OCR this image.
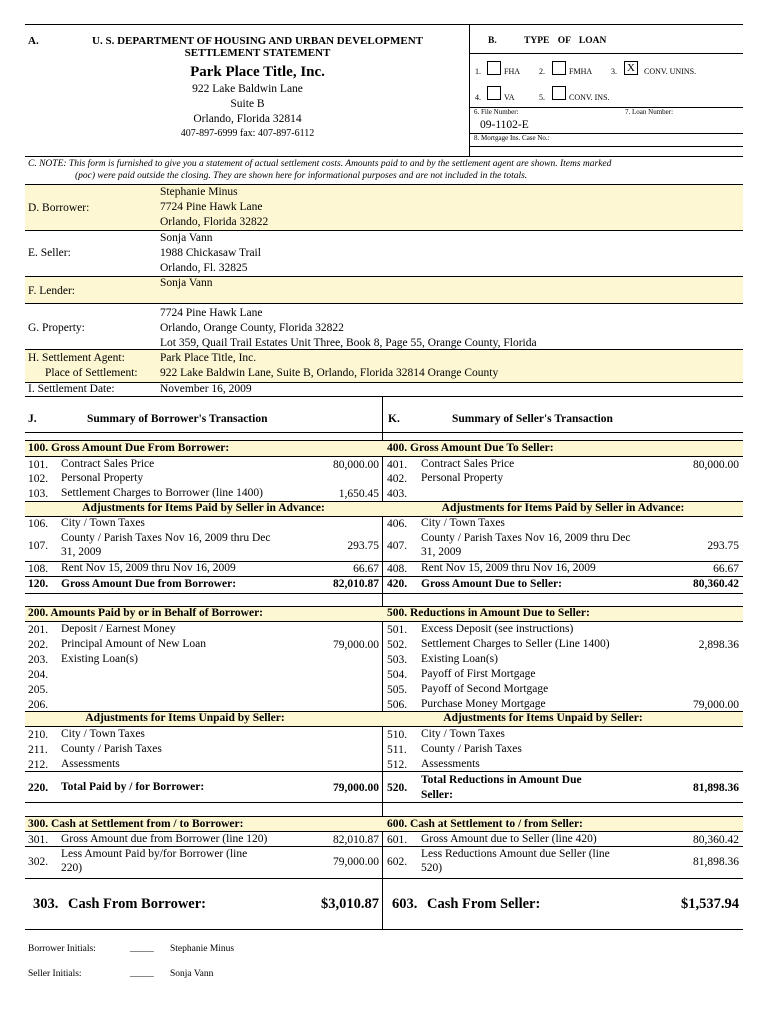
A.	U. S. DEPARTMENT OF HOUSING AND URBAN DEVELOPMENT
SETTLEMENT STATEMENT
Park Place Title, Inc.
922 Lake Baldwin Lane
Suite B
Orlando, Florida 32814
407-897-6999 fax: 407-897-6112
B.	TYPE OF LOAN
1.	FHA 2.	FMHA 3. X CONV. UNINS.
4.	VA	5.	CONV. INS.
6. File Number:	7. Loan Number:
09-1102-E
8. Mortgage Ins. Case No.:
C. NOTE: This form is furnished to give you a statement of actual settlement costs. Amounts paid to and by the settlement agent are shown. Items marked
(poc) were paid outside the closing. They are shown here for informational purposes and are not included in the totals.
D. Borrower:
Stephanie Minus
7724 Pine Hawk Lane
Orlando, Florida 32822
E. Seller:
Sonja Vann
1988 Chickasaw Trail
Orlando, Fl. 32825
F. Lender:
Sonja Vann
G. Property:
7724 Pine Hawk Lane
Orlando, Orange County, Florida 32822
Lot 359, Quail Trail Estates Unit Three, Book 8, Page 55, Orange County, Florida
H. Settlement Agent:	Park Place Title, Inc.
Place of Settlement: 922 Lake Baldwin Lane, Suite B, Orlando, Florida 32814 Orange County
I. Settlement Date:	November 16, 2009
J.	Summary of Borrower's Transaction	K.	Summary of Seller's Transaction
100. Gross Amount Due From Borrower:
101. Contract Sales Price	80,000.00
102. Personal Property
103. Settlement Charges to Borrower (line 1400)	1,650.45
Adjustments for Items Paid by Seller in Advance:
106. City / Town Taxes
107.
County / Parish Taxes Nov 16, 2009 thru Dec
31, 2009	293.75
108. Rent Nov 15, 2009 thru Nov 16, 2009	66.67
120. Gross Amount Due from Borrower:	82,010.87
200. Amounts Paid by or in Behalf of Borrower:
201. Deposit / Earnest Money
202. Principal Amount of New Loan	79,000.00
203. Existing Loan(s)
204.
205.
206.
Adjustments for Items Unpaid by Seller:
210. City / Town Taxes
211. County / Parish Taxes
212. Assessments
220. Total Paid by / for Borrower:	79,000.00
300. Cash at Settlement from / to Borrower:
301. Gross Amount due from Borrower (line 120)	82,010.87
302.
Less Amount Paid by/for Borrower (line
220)	79,000.00
303. Cash From Borrower:	$3,010.87
400. Gross Amount Due To Seller:
401. Contract Sales Price	80,000.00
402. Personal Property
403.
Adjustments for Items Paid by Seller in Advance:
406. City / Town Taxes
407.
County / Parish Taxes Nov 16, 2009 thru Dec
31, 2009	293.75
408. Rent Nov 15, 2009 thru Nov 16, 2009	66.67
420. Gross Amount Due to Seller:	80,360.42
500. Reductions in Amount Due to Seller:
501. Excess Deposit (see instructions)
502. Settlement Charges to Seller (Line 1400)	2,898.36
503. Existing Loan(s)
504. Payoff of First Mortgage
505. Payoff of Second Mortgage
506. Purchase Money Mortgage	79,000.00
Adjustments for Items Unpaid by Seller:
510. City / Town Taxes
511. County / Parish Taxes
512. Assessments
520.
Total Reductions in Amount Due
Seller:
81,898.36
600. Cash at Settlement to / from Seller:
601. Gross Amount due to Seller (line 420)	80,360.42
602.
Less Reductions Amount due Seller (line
520)	81,898.36
603. Cash From Seller:	$1,537.94
Borrower Initials:	_____ Stephanie Minus
Seller Initials:	_____ Sonja Vann
